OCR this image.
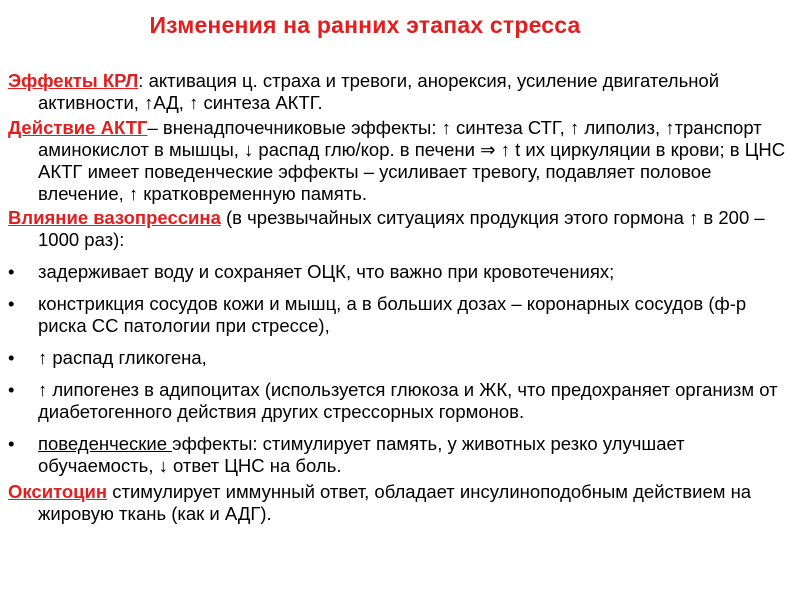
Изменения на ранних этапах стресса

Эффекты КРЛ: активация ц. страха и тревоги, анорексия, усиление двигательной активности, ↑АД, ↑ синтеза АКТГ.

Действие АКТГ– вненадпочечниковые эффекты: ↑ синтеза СТГ, ↑ липолиз, ↑транспорт аминокислот в мышцы, ↓ распад глю/кор. в печени ⇒ ↑ t их циркуляции в крови; в ЦНС АКТГ имеет поведенческие эффекты – усиливает тревогу, подавляет половое влечение, ↑ кратковременную память.

Влияние вазопрессина (в чрезвычайных ситуациях продукция этого гормона ↑ в 200 –1000 раз):

• задерживает воду и сохраняет ОЦК, что важно при кровотечениях;
• констрикция сосудов кожи и мышц, а в больших дозах – коронарных сосудов (ф-р риска СС патологии при стрессе),
• ↑ распад гликогена,
• ↑ липогенез в адипоцитах (используется глюкоза и ЖК, что предохраняет организм от диабетогенного действия других стрессорных гормонов.
• поведенческие эффекты: стимулирует память, у животных резко улучшает обучаемость, ↓ ответ ЦНС на боль.

Окситоцин стимулирует иммунный ответ, обладает инсулиноподобным действием на жировую ткань (как и АДГ).
